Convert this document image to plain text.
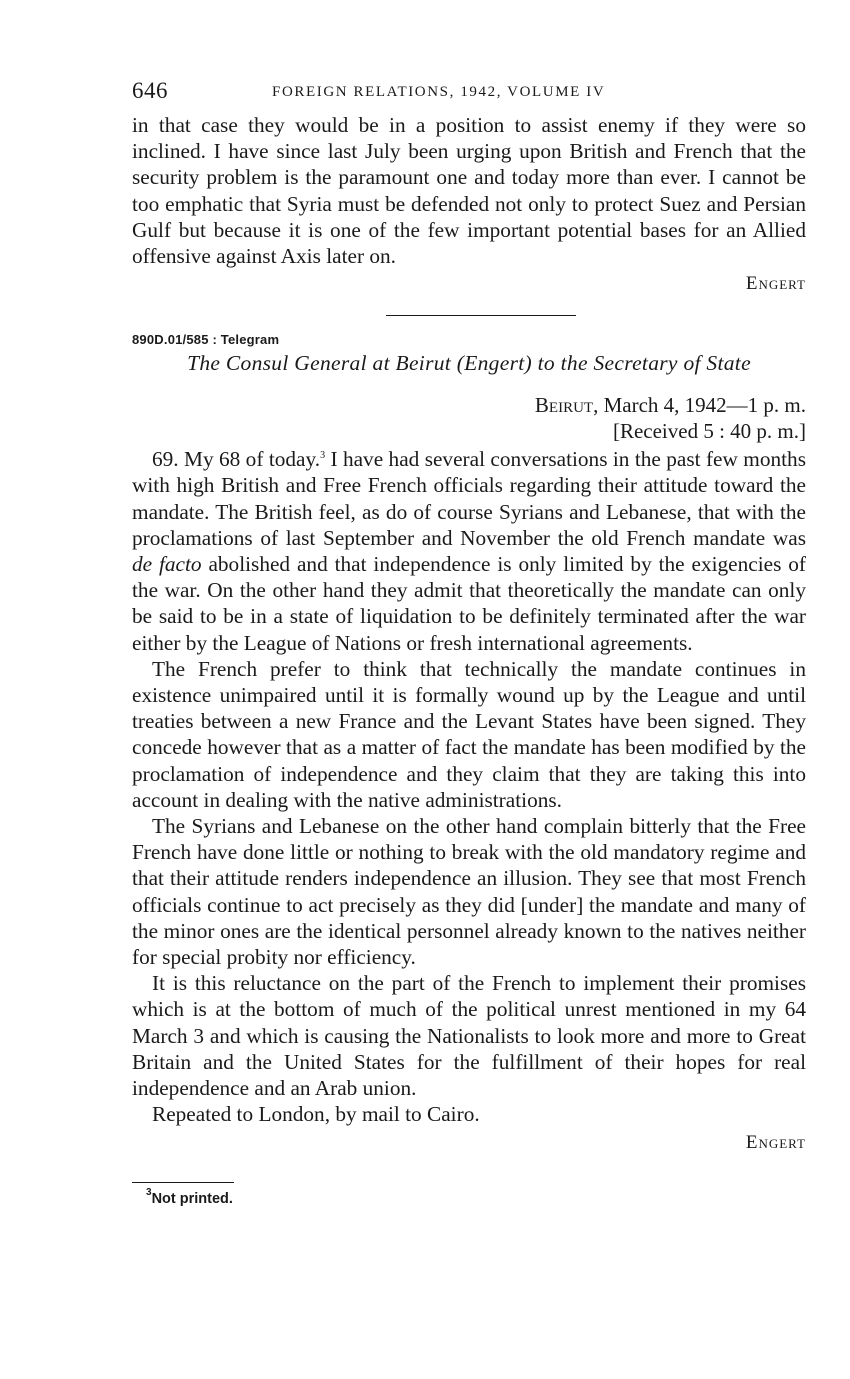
646	FOREIGN RELATIONS, 1942, VOLUME IV

in that case they would be in a position to assist enemy if they were so inclined. I have since last July been urging upon British and French that the security problem is the paramount one and today more than ever. I cannot be too emphatic that Syria must be defended not only to protect Suez and Persian Gulf but because it is one of the few important potential bases for an Allied offensive against Axis later on.

Engert
890D.01/585 : Telegram
The Consul General at Beirut (Engert) to the Secretary of State
Beirut, March 4, 1942—1 p. m.
[Received 5 : 40 p. m.]

69. My 68 of today.$^3$ I have had several conversations in the past few months with high British and Free French officials regarding their attitude toward the mandate. The British feel, as do of course Syrians and Lebanese, that with the proclamations of last September and November the old French mandate was de facto abolished and that independence is only limited by the exigencies of the war. On the other hand they admit that theoretically the mandate can only be said to be in a state of liquidation to be definitely terminated after the war either by the League of Nations or fresh international agreements.

The French prefer to think that technically the mandate continues in existence unimpaired until it is formally wound up by the League and until treaties between a new France and the Levant States have been signed. They concede however that as a matter of fact the mandate has been modified by the proclamation of independence and they claim that they are taking this into account in dealing with the native administrations.

The Syrians and Lebanese on the other hand complain bitterly that the Free French have done little or nothing to break with the old mandatory regime and that their attitude renders independence an illusion. They see that most French officials continue to act precisely as they did [under] the mandate and many of the minor ones are the identical personnel already known to the natives neither for special probity nor efficiency.

It is this reluctance on the part of the French to implement their promises which is at the bottom of much of the political unrest mentioned in my 64 March 3 and which is causing the Nationalists to look more and more to Great Britain and the United States for the fulfillment of their hopes for real independence and an Arab union.

Repeated to London, by mail to Cairo.

Engert
$^3$Not printed.
